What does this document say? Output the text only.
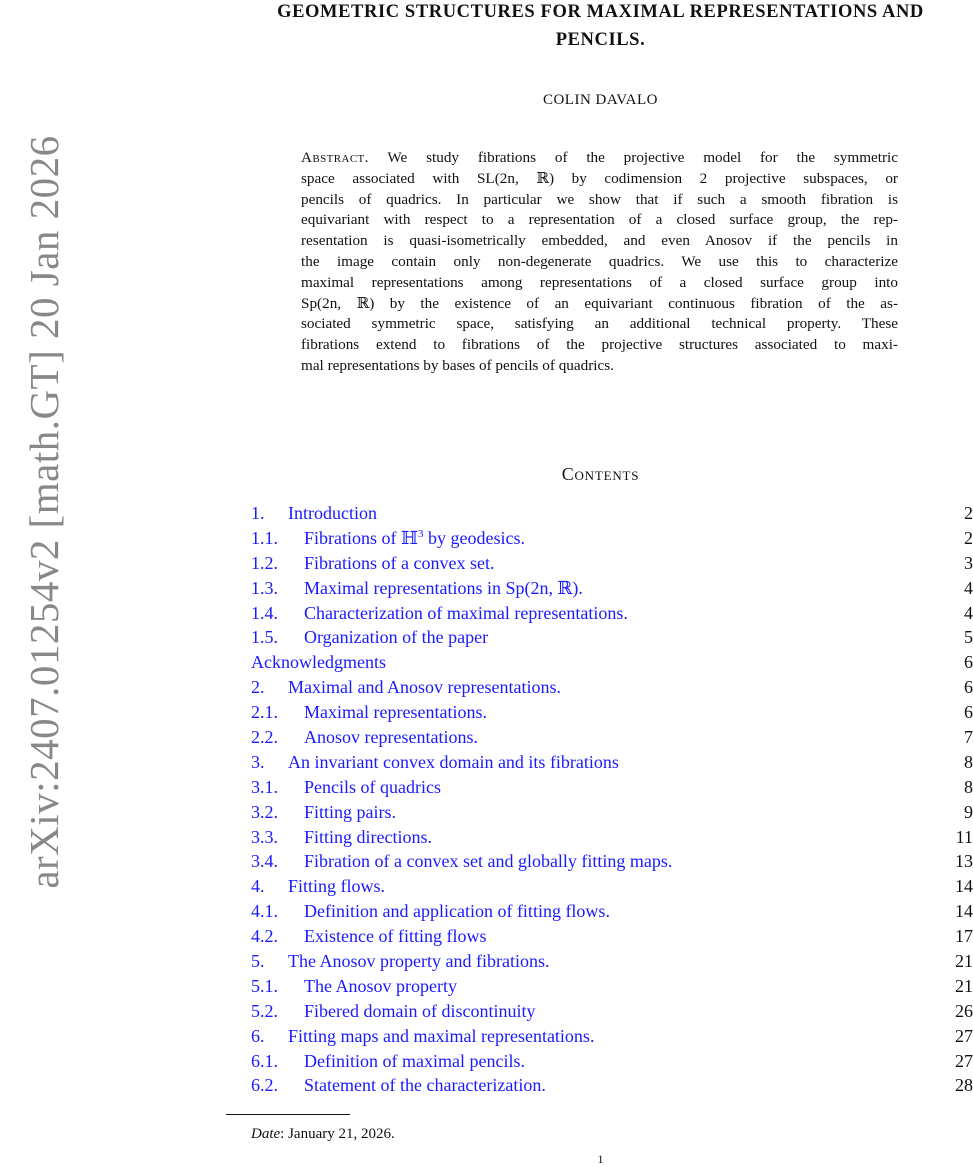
arXiv:2407.01254v2 [math.GT] 20 Jan 2026
GEOMETRIC STRUCTURES FOR MAXIMAL REPRESENTATIONS AND
PENCILS.
COLIN DAVALO
Abstract. We study fibrations of the projective model for the symmetric
space associated with SL(2n, ℝ) by codimension 2 projective subspaces, or
pencils of quadrics. In particular we show that if such a smooth fibration is
equivariant with respect to a representation of a closed surface group, the rep-
resentation is quasi-isometrically embedded, and even Anosov if the pencils in
the image contain only non-degenerate quadrics. We use this to characterize
maximal representations among representations of a closed surface group into
Sp(2n, ℝ) by the existence of an equivariant continuous fibration of the as-
sociated symmetric space, satisfying an additional technical property. These
fibrations extend to fibrations of the projective structures associated to maxi-
mal representations by bases of pencils of quadrics.
Contents
1. Introduction	2
1.1. Fibrations of ℍ$^3$ by geodesics.	2
1.2. Fibrations of a convex set.	3
1.3. Maximal representations in Sp(2n, ℝ).	4
1.4. Characterization of maximal representations.	4
1.5. Organization of the paper	5
Acknowledgments	6
2. Maximal and Anosov representations.	6
2.1. Maximal representations.	6
2.2. Anosov representations.	7
3. An invariant convex domain and its fibrations	8
3.1. Pencils of quadrics	8
3.2. Fitting pairs.	9
3.3. Fitting directions.	11
3.4. Fibration of a convex set and globally fitting maps.	13
4. Fitting flows.	14
4.1. Definition and application of fitting flows.	14
4.2. Existence of fitting flows	17
5. The Anosov property and fibrations.	21
5.1. The Anosov property	21
5.2. Fibered domain of discontinuity	26
6. Fitting maps and maximal representations.	27
6.1. Definition of maximal pencils.	27
6.2. Statement of the characterization.	28
Date: January 21, 2026.
1
